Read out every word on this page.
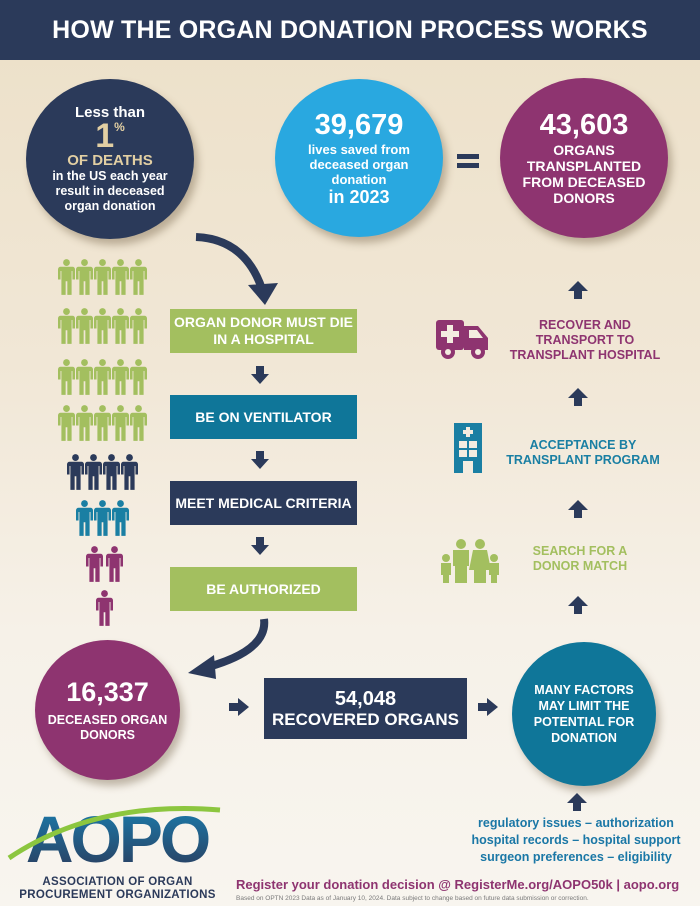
HOW THE ORGAN DONATION PROCESS WORKS
Less than
1 %
OF DEATHS
in the US each year
result in deceased
organ donation
39,679
lives saved from
deceased organ
donation
in 2023
43,603
ORGANS
TRANSPLANTED
FROM DECEASED
DONORS
ORGAN DONOR MUST DIE
IN A HOSPITAL
BE ON VENTILATOR
MEET MEDICAL CRITERIA
BE AUTHORIZED
16,337
DECEASED ORGAN
DONORS
54,048
RECOVERED ORGANS
MANY FACTORS
MAY LIMIT THE
POTENTIAL FOR
DONATION
regulatory issues – authorization
hospital records – hospital support
surgeon preferences – eligibility
SEARCH FOR A
DONOR MATCH
ACCEPTANCE BY
TRANSPLANT PROGRAM
RECOVER AND
TRANSPORT TO
TRANSPLANT HOSPITAL
AOPO
ASSOCIATION OF ORGAN
PROCUREMENT ORGANIZATIONS
Register your donation decision @ RegisterMe.org/AOPO50k | aopo.org
Based on OPTN 2023 Data as of January 10, 2024. Data subject to change based on future data submission or correction.
